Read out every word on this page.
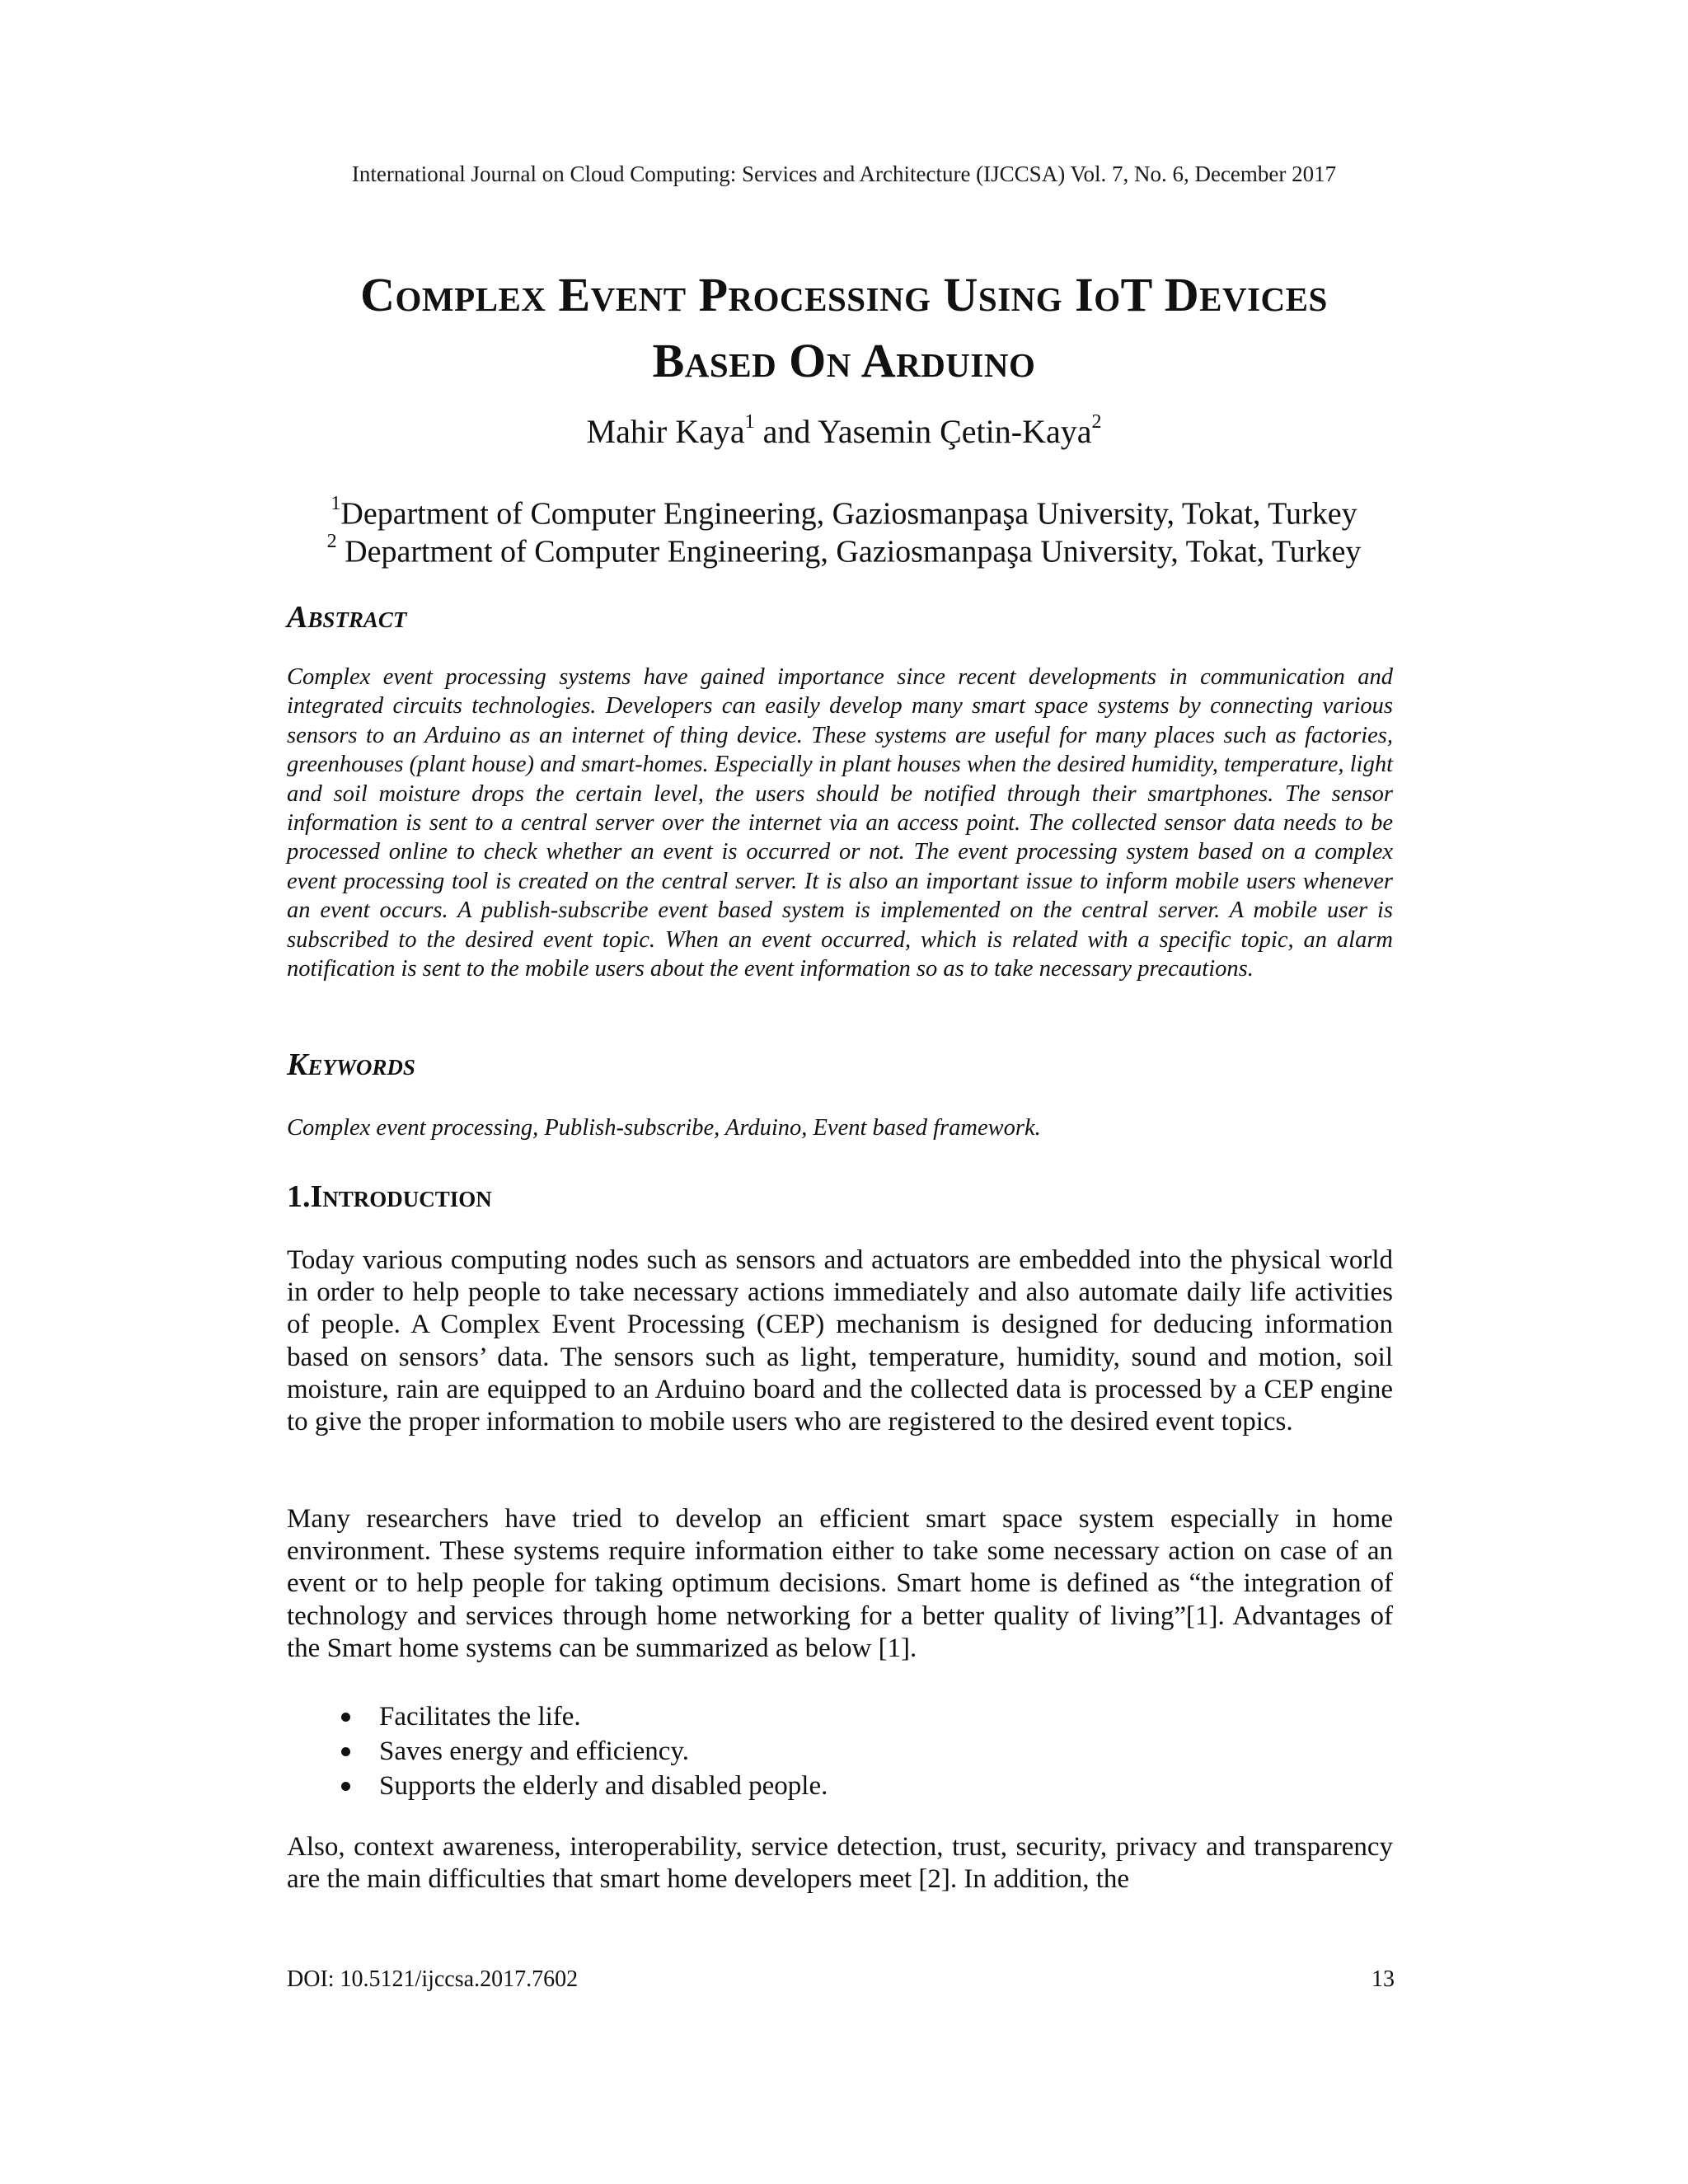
International Journal on Cloud Computing: Services and Architecture (IJCCSA) Vol. 7, No. 6, December 2017
Complex Event Processing Using IoT Devices
Based On Arduino
Mahir Kaya$^1$ and Yasemin Çetin-Kaya$^2$
$^1$Department of Computer Engineering, Gaziosmanpaşa University, Tokat, Turkey
$^2$ Department of Computer Engineering, Gaziosmanpaşa University, Tokat, Turkey
Abstract
Complex event processing systems have gained importance since recent developments in communication and integrated circuits technologies. Developers can easily develop many smart space systems by connecting various sensors to an Arduino as an internet of thing device. These systems are useful for many places such as factories, greenhouses (plant house) and smart-homes. Especially in plant houses when the desired humidity, temperature, light and soil moisture drops the certain level, the users should be notified through their smartphones. The sensor information is sent to a central server over the internet via an access point. The collected sensor data needs to be processed online to check whether an event is occurred or not. The event processing system based on a complex event processing tool is created on the central server. It is also an important issue to inform mobile users whenever an event occurs. A publish-subscribe event based system is implemented on the central server. A mobile user is subscribed to the desired event topic. When an event occurred, which is related with a specific topic, an alarm notification is sent to the mobile users about the event information so as to take necessary precautions.
Keywords
Complex event processing, Publish-subscribe, Arduino, Event based framework.
1.Introduction
Today various computing nodes such as sensors and actuators are embedded into the physical world in order to help people to take necessary actions immediately and also automate daily life activities of people. A Complex Event Processing (CEP) mechanism is designed for deducing information based on sensors’ data. The sensors such as light, temperature, humidity, sound and motion, soil moisture, rain are equipped to an Arduino board and the collected data is processed by a CEP engine to give the proper information to mobile users who are registered to the desired event topics.
Many researchers have tried to develop an efficient smart space system especially in home environment. These systems require information either to take some necessary action on case of an event or to help people for taking optimum decisions. Smart home is defined as “the integration of technology and services through home networking for a better quality of living”[1]. Advantages of the Smart home systems can be summarized as below [1].
Facilitates the life.
Saves energy and efficiency.
Supports the elderly and disabled people.
Also, context awareness, interoperability, service detection, trust, security, privacy and transparency are the main difficulties that smart home developers meet [2]. In addition, the
DOI: 10.5121/ijccsa.2017.7602	13
